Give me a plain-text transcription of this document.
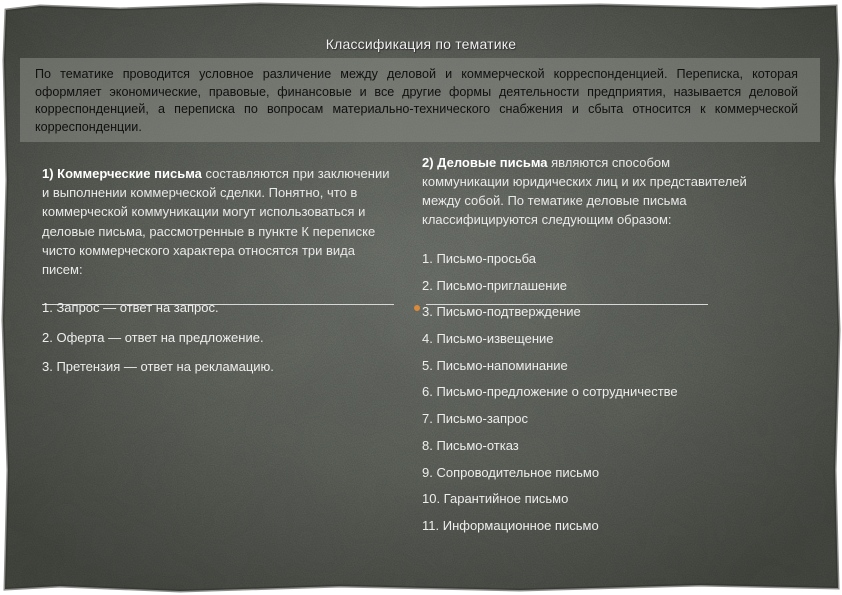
Классификация по тематике
По тематике проводится условное различение между деловой и коммерческой корреспонденцией. Переписка, которая оформляет экономические, правовые, финансовые и все другие формы деятельности предприятия, называется деловой корреспонденцией, а переписка по вопросам материально-технического снабжения и сбыта относится к коммерческой корреспонденции.
1) Коммерческие письма составляются при заключении и выполнении коммерческой сделки. Понятно, что в коммерческой коммуникации могут использоваться и деловые письма, рассмотренные в пункте К переписке чисто коммерческого характера относятся три вида писем:
1. Запрос — ответ на запрос.
2. Оферта — ответ на предложение.
3. Претензия — ответ на рекламацию.
2) Деловые письма являются способом коммуникации юридических лиц и их представителей между собой. По тематике деловые письма классифицируются следующим образом:
1. Письмо-просьба
2. Письмо-приглашение
3. Письмо-подтверждение
4. Письмо-извещение
5. Письмо-напоминание
6. Письмо-предложение о сотрудничестве
7. Письмо-запрос
8. Письмо-отказ
9. Сопроводительное письмо
10. Гарантийное письмо
11. Информационное письмо
